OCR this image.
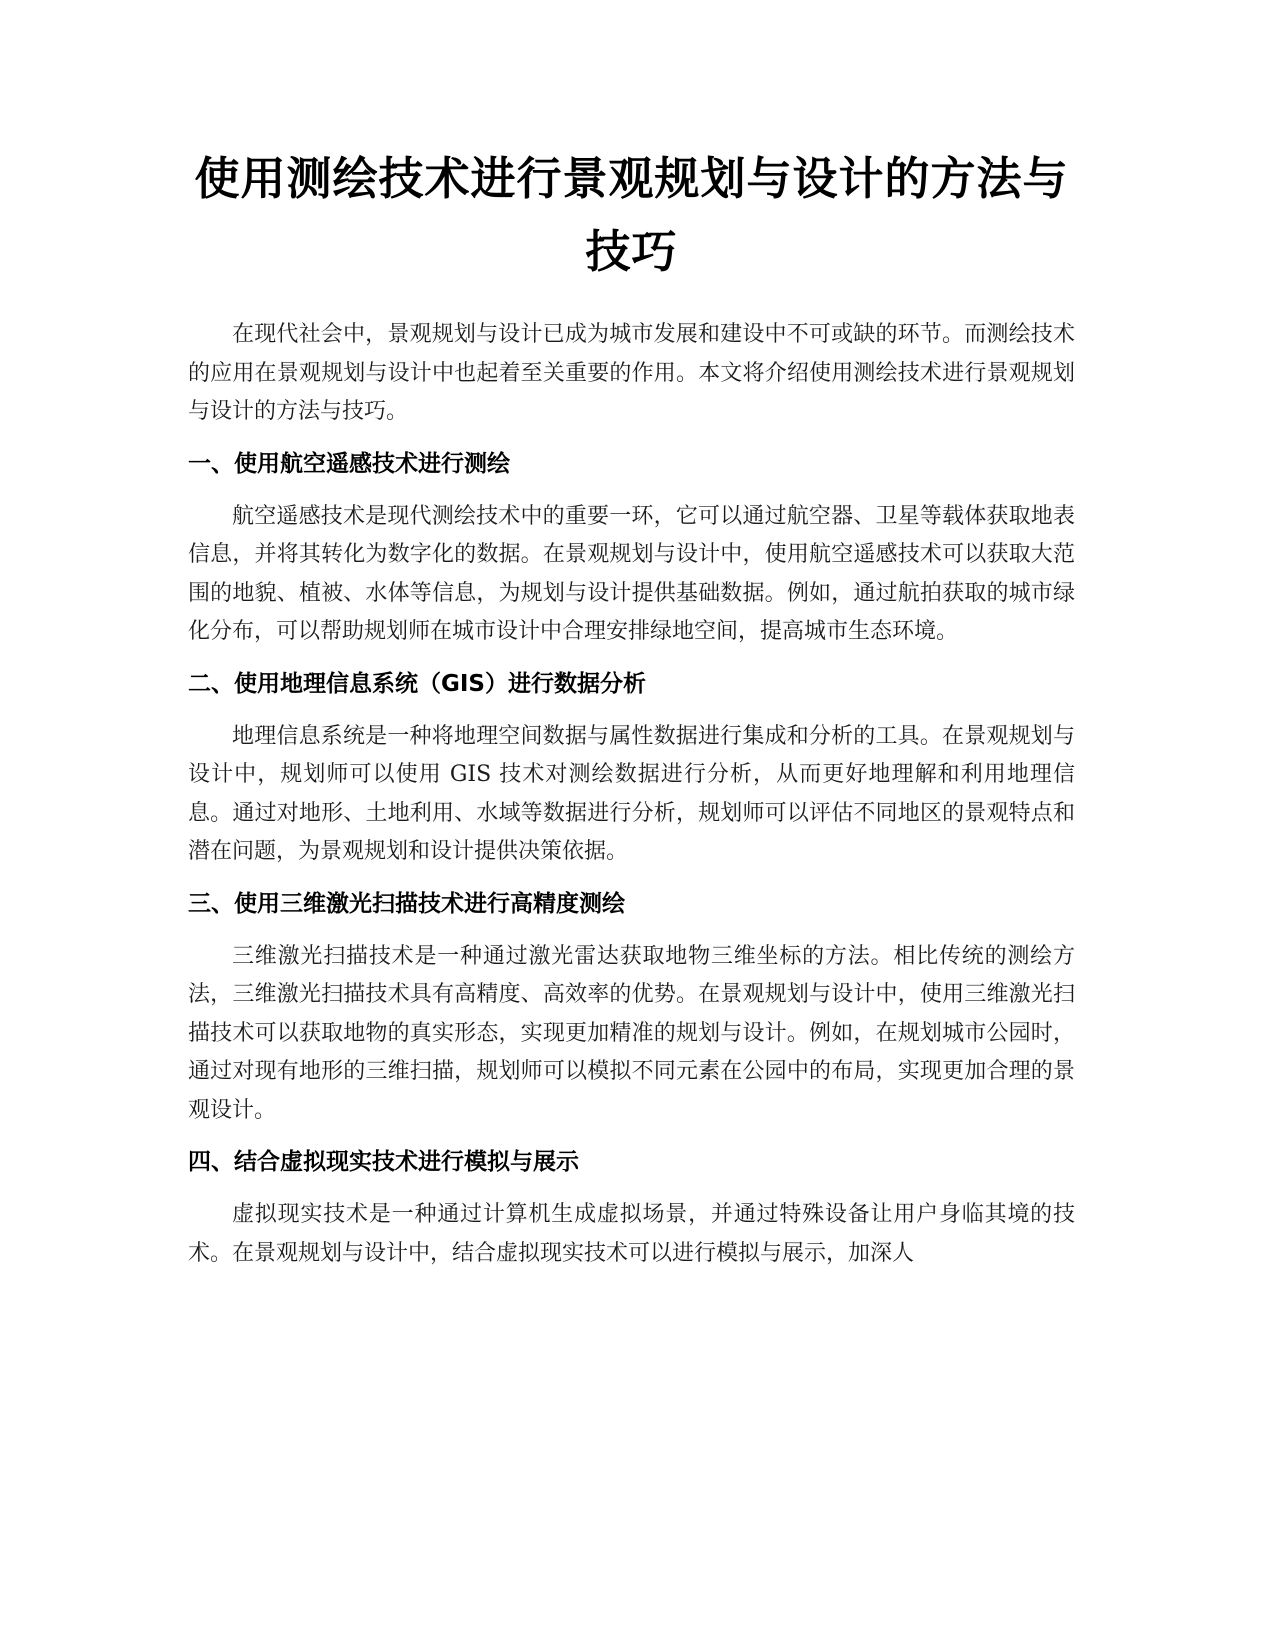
使用测绘技术进行景观规划与设计的方法与技巧

在现代社会中，景观规划与设计已成为城市发展和建设中不可或缺的环节。而测绘技术的应用在景观规划与设计中也起着至关重要的作用。本文将介绍使用测绘技术进行景观规划与设计的方法与技巧。

一、使用航空遥感技术进行测绘

航空遥感技术是现代测绘技术中的重要一环，它可以通过航空器、卫星等载体获取地表信息，并将其转化为数字化的数据。在景观规划与设计中，使用航空遥感技术可以获取大范围的地貌、植被、水体等信息，为规划与设计提供基础数据。例如，通过航拍获取的城市绿化分布，可以帮助规划师在城市设计中合理安排绿地空间，提高城市生态环境。

二、使用地理信息系统（GIS）进行数据分析

地理信息系统是一种将地理空间数据与属性数据进行集成和分析的工具。在景观规划与设计中，规划师可以使用 GIS 技术对测绘数据进行分析，从而更好地理解和利用地理信息。通过对地形、土地利用、水域等数据进行分析，规划师可以评估不同地区的景观特点和潜在问题，为景观规划和设计提供决策依据。

三、使用三维激光扫描技术进行高精度测绘

三维激光扫描技术是一种通过激光雷达获取地物三维坐标的方法。相比传统的测绘方法，三维激光扫描技术具有高精度、高效率的优势。在景观规划与设计中，使用三维激光扫描技术可以获取地物的真实形态，实现更加精准的规划与设计。例如，在规划城市公园时，通过对现有地形的三维扫描，规划师可以模拟不同元素在公园中的布局，实现更加合理的景观设计。

四、结合虚拟现实技术进行模拟与展示

虚拟现实技术是一种通过计算机生成虚拟场景，并通过特殊设备让用户身临其境的技术。在景观规划与设计中，结合虚拟现实技术可以进行模拟与展示，加深人
